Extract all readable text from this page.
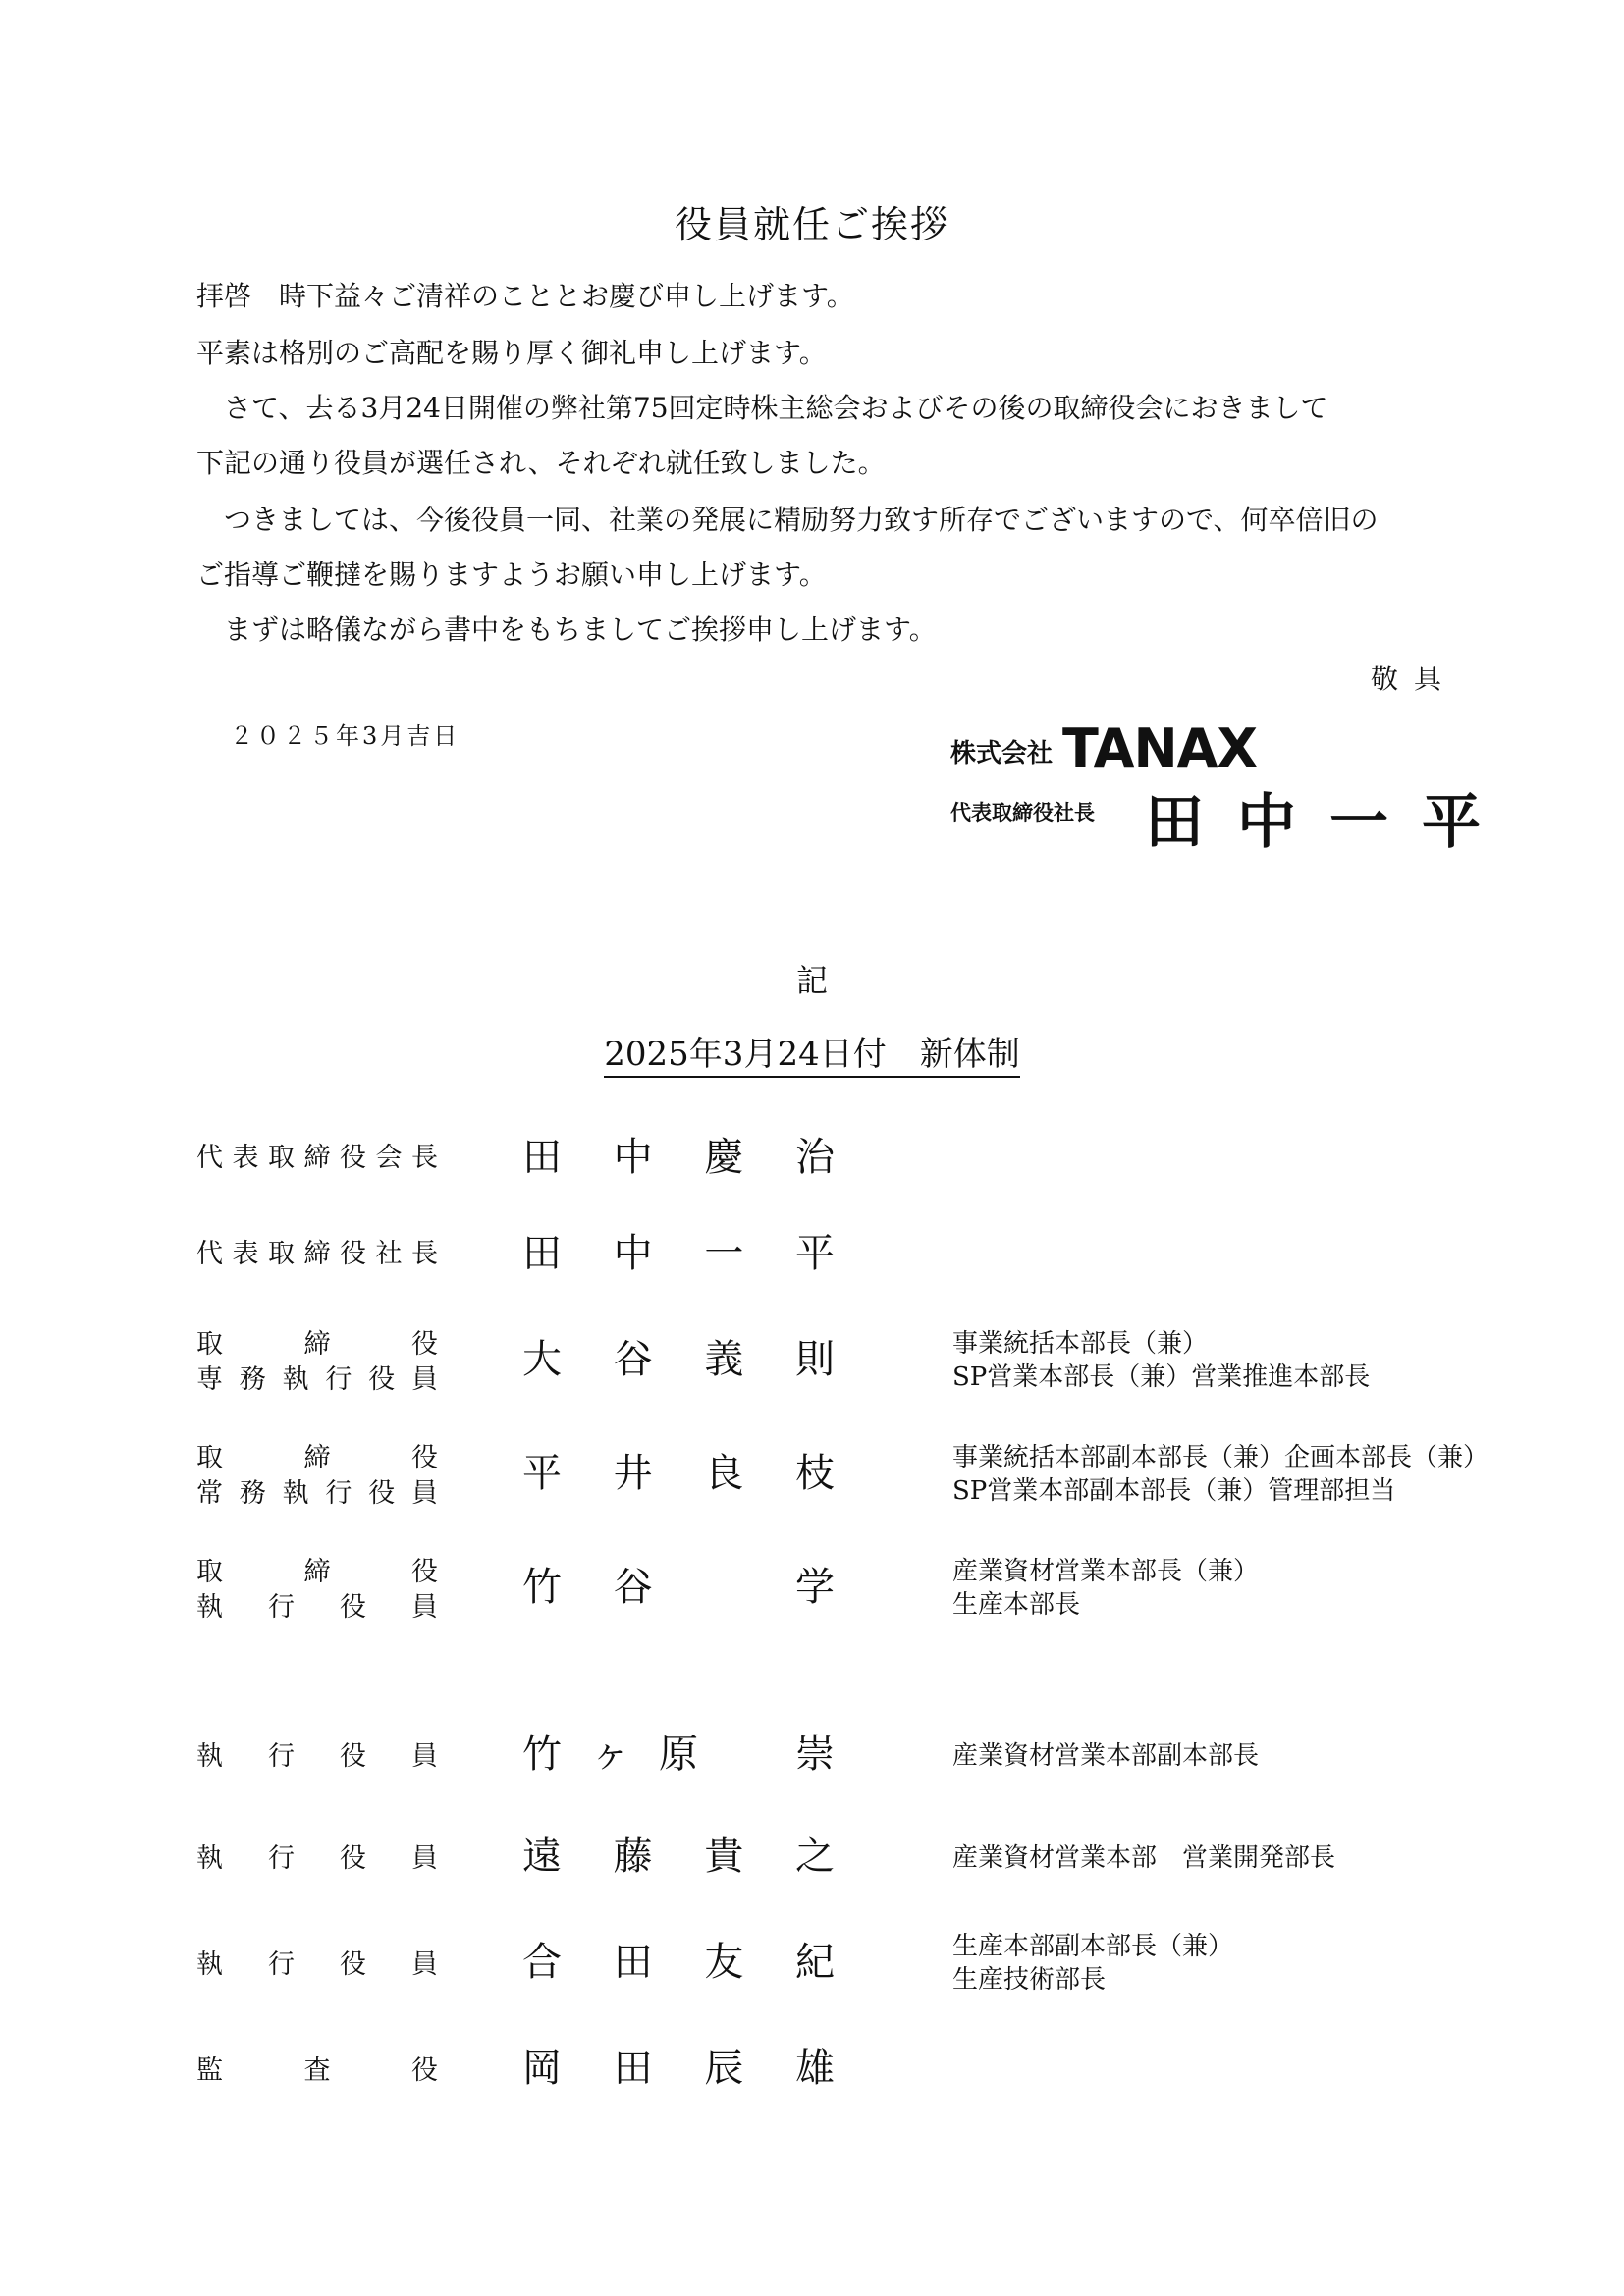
役員就任ご挨拶
拝啓　時下益々ご清祥のこととお慶び申し上げます。
平素は格別のご高配を賜り厚く御礼申し上げます。
　さて、去る3月24日開催の弊社第75回定時株主総会およびその後の取締役会におきまして
下記の通り役員が選任され、それぞれ就任致しました。
　つきましては、今後役員一同、社業の発展に精励努力致す所存でございますので、何卒倍旧の
ご指導ご鞭撻を賜りますようお願い申し上げます。
　まずは略儀ながら書中をもちましてご挨拶申し上げます。
敬具
２０２５年3月吉日
株式会社 TANAX
代表取締役社長 田中一平
記
2025年3月24日付　新体制
代表取締役会長 田中慶治
代表取締役社長 田中一平
取締役
専務執行役員 大谷義則	事業統括本部長（兼）
SP営業本部長（兼）営業推進本部長
取締役
常務執行役員 平井良枝	事業統括本部副本部長（兼）企画本部長（兼）
SP営業本部副本部長（兼）管理部担当
取締役
執行役員 竹谷　学	産業資材営業本部長（兼）
生産本部長
執行役員 竹ヶ原　崇	産業資材営業本部副本部長
執行役員 遠藤貴之	産業資材営業本部　営業開発部長
執行役員 合田友紀	生産本部副本部長（兼）
生産技術部長
監査役 岡田辰雄
